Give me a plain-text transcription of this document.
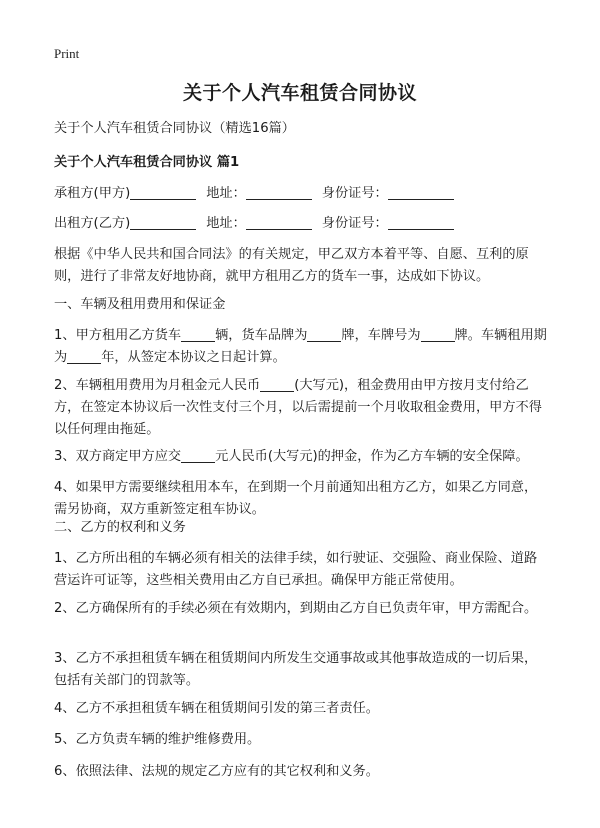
Print
关于个人汽车租赁合同协议
关于个人汽车租赁合同协议（精选16篇）
关于个人汽车租赁合同协议 篇1
承租方(甲方)	地址：	身份证号：
出租方(乙方)	地址：	身份证号：
根据《中华人民共和国合同法》的有关规定，甲乙双方本着平等、自愿、互利的原则，进行了非常友好地协商，就甲方租用乙方的货车一事，达成如下协议。
一、车辆及租用费用和保证金
1、甲方租用乙方货车	辆，货车品牌为	牌，车牌号为	牌。车辆租用期为	年，从签定本协议之日起计算。
2、车辆租用费用为月租金元人民币	(大写元)，租金费用由甲方按月支付给乙方，在签定本协议后一次性支付三个月，以后需提前一个月收取租金费用，甲方不得以任何理由拖延。
3、双方商定甲方应交	元人民币(大写元)的押金，作为乙方车辆的安全保障。
4、如果甲方需要继续租用本车，在到期一个月前通知出租方乙方，如果乙方同意，需另协商，双方重新签定租车协议。
二、乙方的权利和义务
1、乙方所出租的车辆必须有相关的法律手续，如行驶证、交强险、商业保险、道路营运许可证等，这些相关费用由乙方自已承担。确保甲方能正常使用。
2、乙方确保所有的手续必须在有效期内，到期由乙方自已负责年审，甲方需配合。
3、乙方不承担租赁车辆在租赁期间内所发生交通事故或其他事故造成的一切后果，包括有关部门的罚款等。
4、乙方不承担租赁车辆在租赁期间引发的第三者责任。
5、乙方负责车辆的维护维修费用。
6、依照法律、法规的规定乙方应有的其它权利和义务。
